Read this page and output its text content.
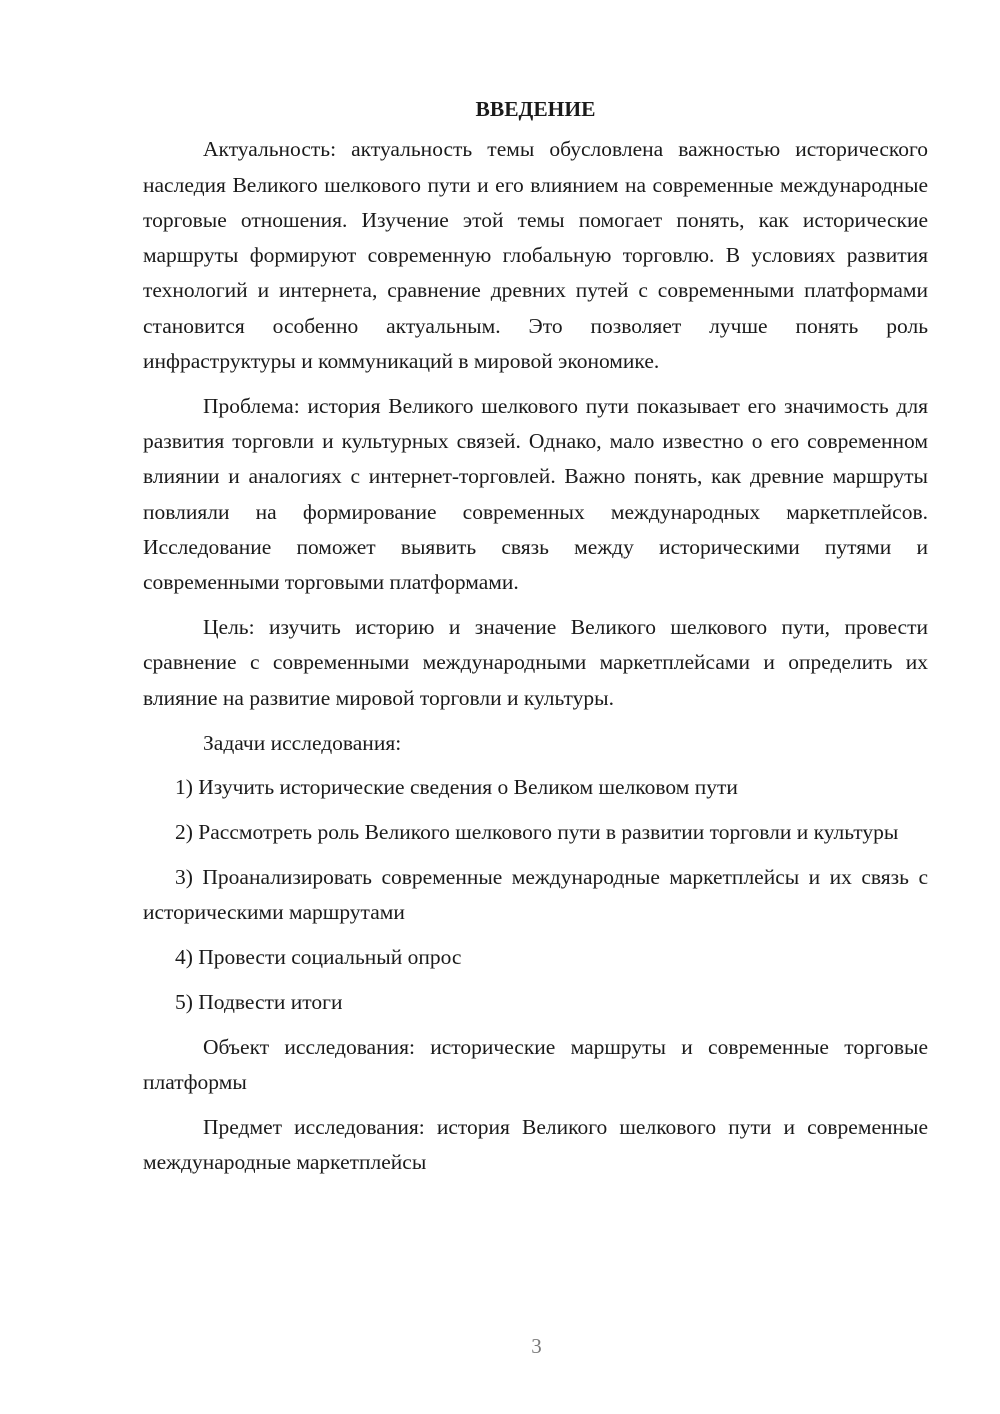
ВВЕДЕНИЕ

Актуальность: актуальность темы обусловлена важностью исторического наследия Великого шелкового пути и его влиянием на современные международные торговые отношения. Изучение этой темы помогает понять, как исторические маршруты формируют современную глобальную торговлю. В условиях развития технологий и интернета, сравнение древних путей с современными платформами становится особенно актуальным. Это позволяет лучше понять роль инфраструктуры и коммуникаций в мировой экономике.

Проблема: история Великого шелкового пути показывает его значимость для развития торговли и культурных связей. Однако, мало известно о его современном влиянии и аналогиях с интернет-торговлей. Важно понять, как древние маршруты повлияли на формирование современных международных маркетплейсов. Исследование поможет выявить связь между историческими путями и современными торговыми платформами.

Цель: изучить историю и значение Великого шелкового пути, провести сравнение с современными международными маркетплейсами и определить их влияние на развитие мировой торговли и культуры.

Задачи исследования:

1) Изучить исторические сведения о Великом шелковом пути

2) Рассмотреть роль Великого шелкового пути в развитии торговли и культуры

3) Проанализировать современные международные маркетплейсы и их связь с историческими маршрутами

4) Провести социальный опрос

5) Подвести итоги

Объект исследования: исторические маршруты и современные торговые платформы

Предмет исследования: история Великого шелкового пути и современные международные маркетплейсы

3
